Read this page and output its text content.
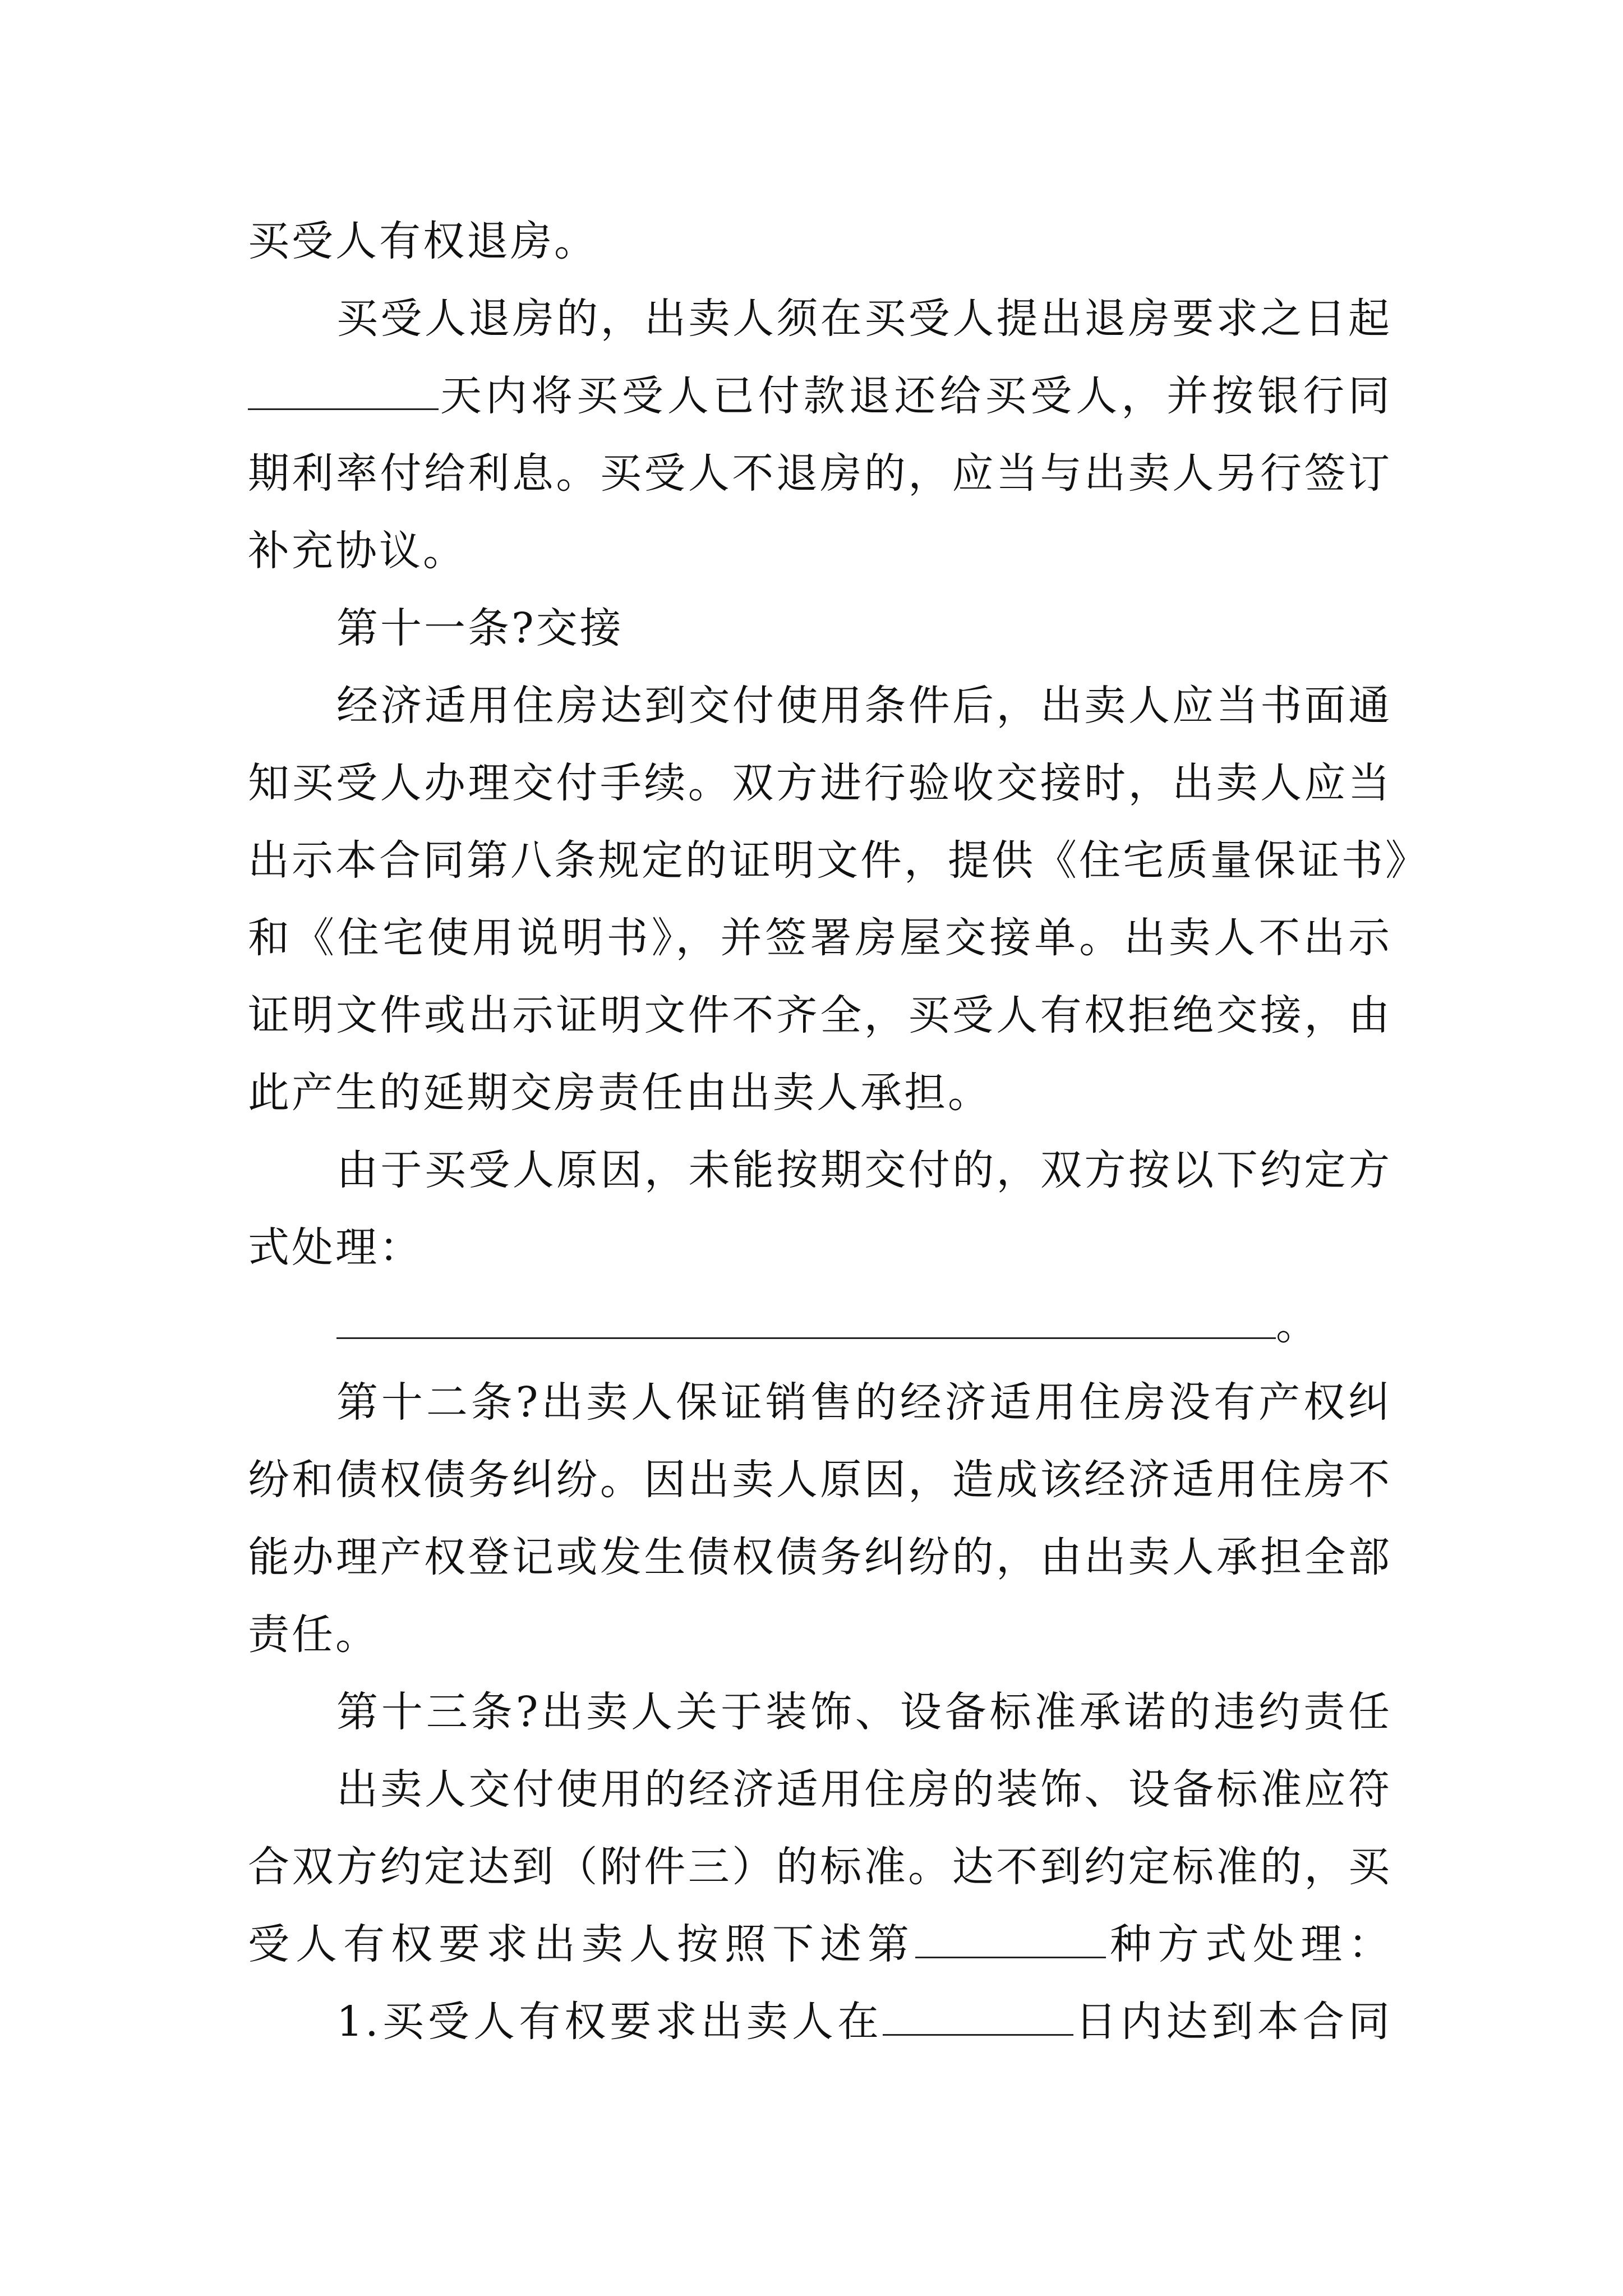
买受人有权退房。
买受人退房的，出卖人须在买受人提出退房要求之日起
天内将买受人已付款退还给买受人，并按银行同
期利率付给利息。买受人不退房的，应当与出卖人另行签订
补充协议。
第十一条?交接
经济适用住房达到交付使用条件后，出卖人应当书面通
知买受人办理交付手续。双方进行验收交接时，出卖人应当
出示本合同第八条规定的证明文件，提供《住宅质量保证书》
和《住宅使用说明书》，并签署房屋交接单。出卖人不出示
证明文件或出示证明文件不齐全，买受人有权拒绝交接，由
此产生的延期交房责任由出卖人承担。
由于买受人原因，未能按期交付的，双方按以下约定方
式处理：
。
第十二条?出卖人保证销售的经济适用住房没有产权纠
纷和债权债务纠纷。因出卖人原因，造成该经济适用住房不
能办理产权登记或发生债权债务纠纷的，由出卖人承担全部
责任。
第十三条?出卖人关于装饰、设备标准承诺的违约责任
出卖人交付使用的经济适用住房的装饰、设备标准应符
合双方约定达到（附件三）的标准。达不到约定标准的，买
受人有权要求出卖人按照下述第	种方式处理：
1.买受人有权要求出卖人在	日内达到本合同
